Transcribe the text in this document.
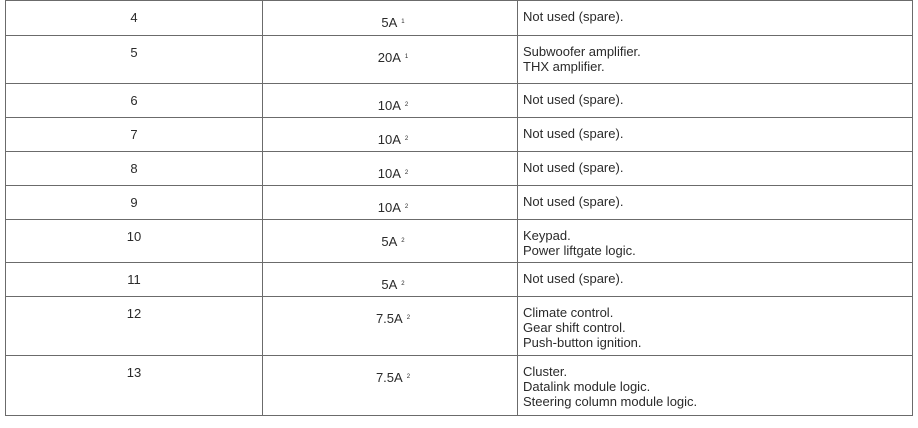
4	5A $^1$	Not used (spare).

5	20A $^1$	Subwoofer amplifier.
THX amplifier.

6	10A $^2$	Not used (spare).

7	10A $^2$	Not used (spare).

8	10A $^2$	Not used (spare).

9	10A $^2$	Not used (spare).

10	5A $^2$	Keypad.
Power liftgate logic.

11	5A $^2$	Not used (spare).

12	7.5A $^2$	Climate control.
Gear shift control.
Push-button ignition.

13	7.5A $^2$	Cluster.
Datalink module logic.
Steering column module logic.
